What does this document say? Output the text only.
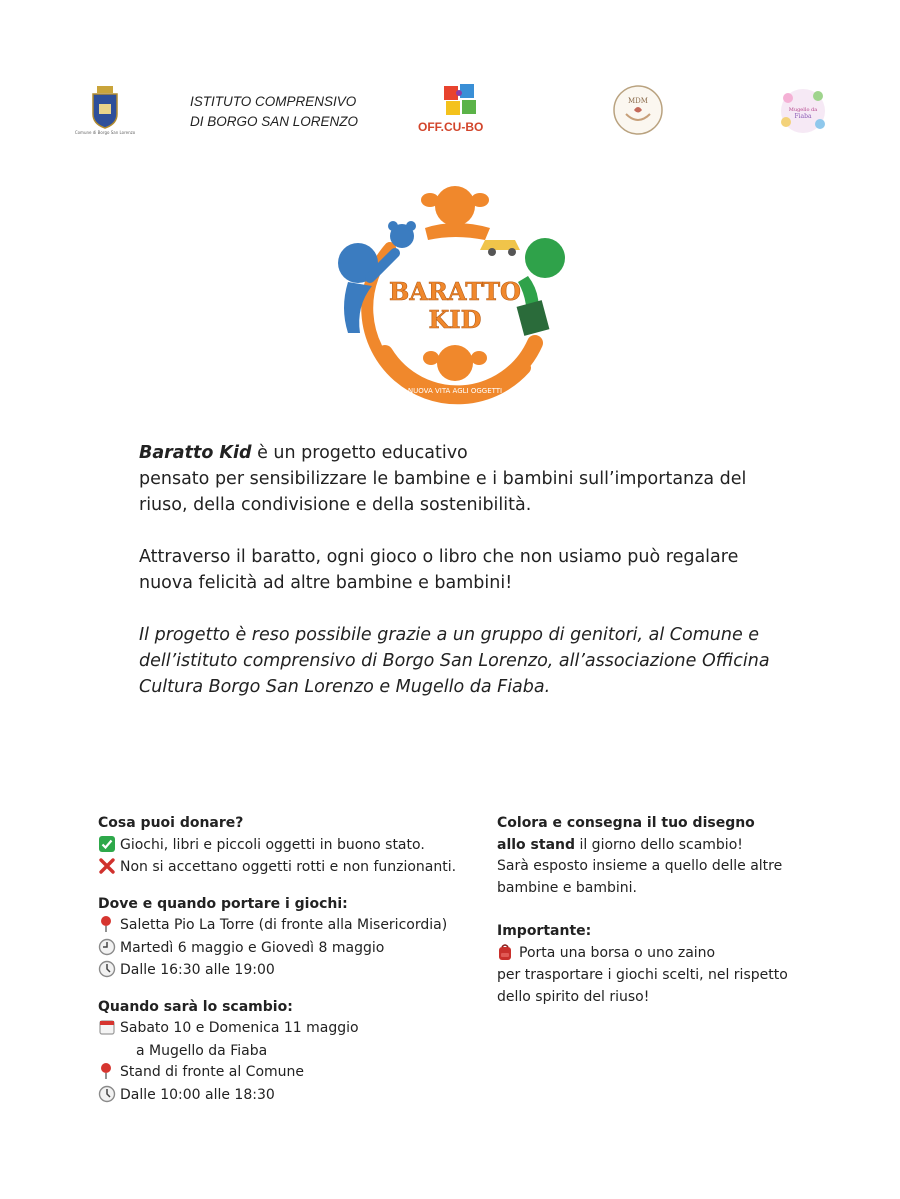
Comune di Borgo San Lorenzo
ISTITUTO COMPRENSIVO
DI BORGO SAN LORENZO	OFF.CU-BO
MDM
Mugello da
Fiaba
BARATTO
KID
NUOVA VITA AGLI OGGETTI

Baratto Kid è un progetto educativo

pensato per sensibilizzare le bambine e i bambini sull’importanza del

riuso, della condivisione e della sostenibilità.

Attraverso il baratto, ogni gioco o libro che non usiamo può regalare

nuova felicità ad altre bambine e bambini!

Il progetto è reso possibile grazie a un gruppo di genitori, al Comune e

dell’istituto comprensivo di Borgo San Lorenzo, all’associazione Officina

Cultura Borgo San Lorenzo e Mugello da Fiaba.

Cosa puoi donare?
Giochi, libri e piccoli oggetti in buono stato.
Non si accettano oggetti rotti e non funzionanti.
Dove e quando portare i giochi:
Saletta Pio La Torre (di fronte alla Misericordia)
Martedì 6 maggio e Giovedì 8 maggio
Dalle 16:30 alle 19:00
Quando sarà lo scambio:
Sabato 10 e Domenica 11 maggio
a Mugello da Fiaba
Stand di fronte al Comune
Dalle 10:00 alle 18:30
Colora e consegna il tuo disegno
allo stand il giorno dello scambio!
Sarà esposto insieme a quello delle altre
bambine e bambini.
Importante:
Porta una borsa o uno zaino
per trasportare i giochi scelti, nel rispetto
dello spirito del riuso!
